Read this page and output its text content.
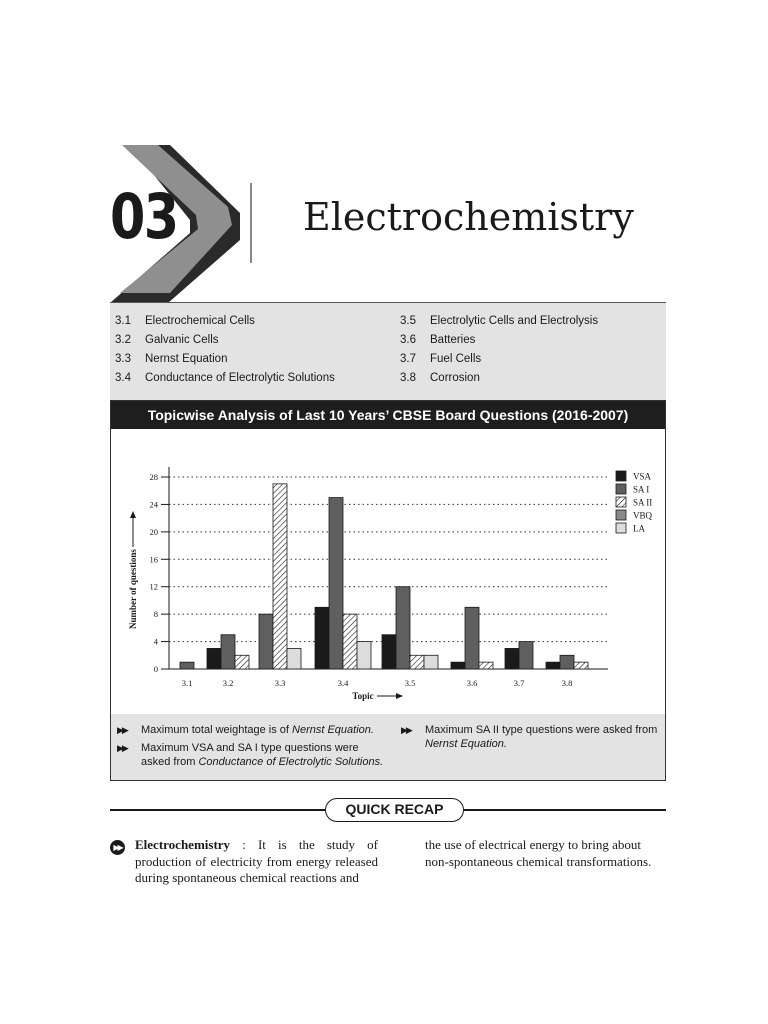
03	Electrochemistry
3.1 Electrochemical Cells
3.2 Galvanic Cells
3.3 Nernst Equation
3.4 Conductance of Electrolytic Solutions
3.5 Electrolytic Cells and Electrolysis
3.6 Batteries
3.7 Fuel Cells
3.8 Corrosion
Topicwise Analysis of Last 10 Years’ CBSE Board Questions (2016-2007)
0
4
8
12
16
20
24
28
Number of questions
Topic
3.1	3.2	3.3	3.4	3.5	3.6	3.7	3.8
VSA
SA I
SA II
VBQ
LA
▶▶ Maximum total weightage is of Nernst Equation.
▶▶ Maximum VSA and SA I type questions were asked from Conductance of Electrolytic Solutions.
▶▶ Maximum SA II type questions were asked from Nernst Equation.
QUICK RECAP
▶▶ Electrochemistry : It is the study of production of electricity from energy released during spontaneous chemical reactions and
the use of electrical energy to bring about non-spontaneous chemical transformations.
